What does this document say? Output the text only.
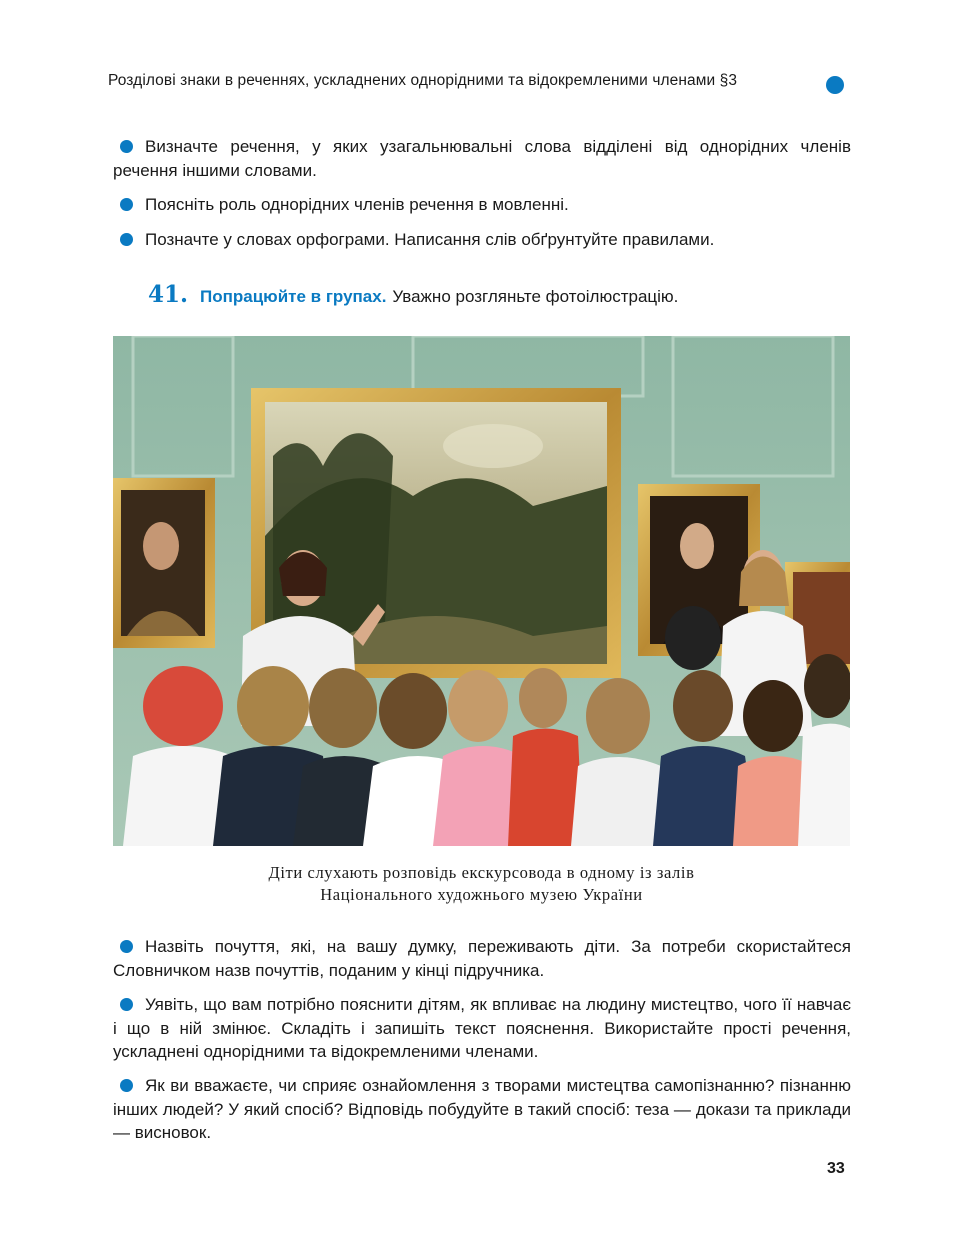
Розділові знаки в реченнях, ускладнених однорідними та відокремленими членами §3
Визначте речення, у яких узагальнювальні слова відділені від однорідних членів речення іншими словами.
Поясніть роль однорідних членів речення в мовленні.
Позначте у словах орфограми. Написання слів обґрунтуйте правилами.
41. Попрацюйте в групах. Уважно розгляньте фотоілюстрацію.
Діти слухають розповідь екскурсовода в одному із залів
Національного художнього музею України
Назвіть почуття, які, на вашу думку, переживають діти. За потреби скористайтеся Словничком назв почуттів, поданим у кінці підручника.
Уявіть, що вам потрібно пояснити дітям, як впливає на людину мистецтво, чого її навчає і що в ній змінює. Складіть і запишіть текст пояснення. Використайте прості речення, ускладнені однорідними та відокремленими членами.
Як ви вважаєте, чи сприяє ознайомлення з творами мистецтва самопізнанню? пізнанню інших людей? У який спосіб? Відповідь побудуйте в такий спосіб: теза — докази та приклади — висновок.
33
